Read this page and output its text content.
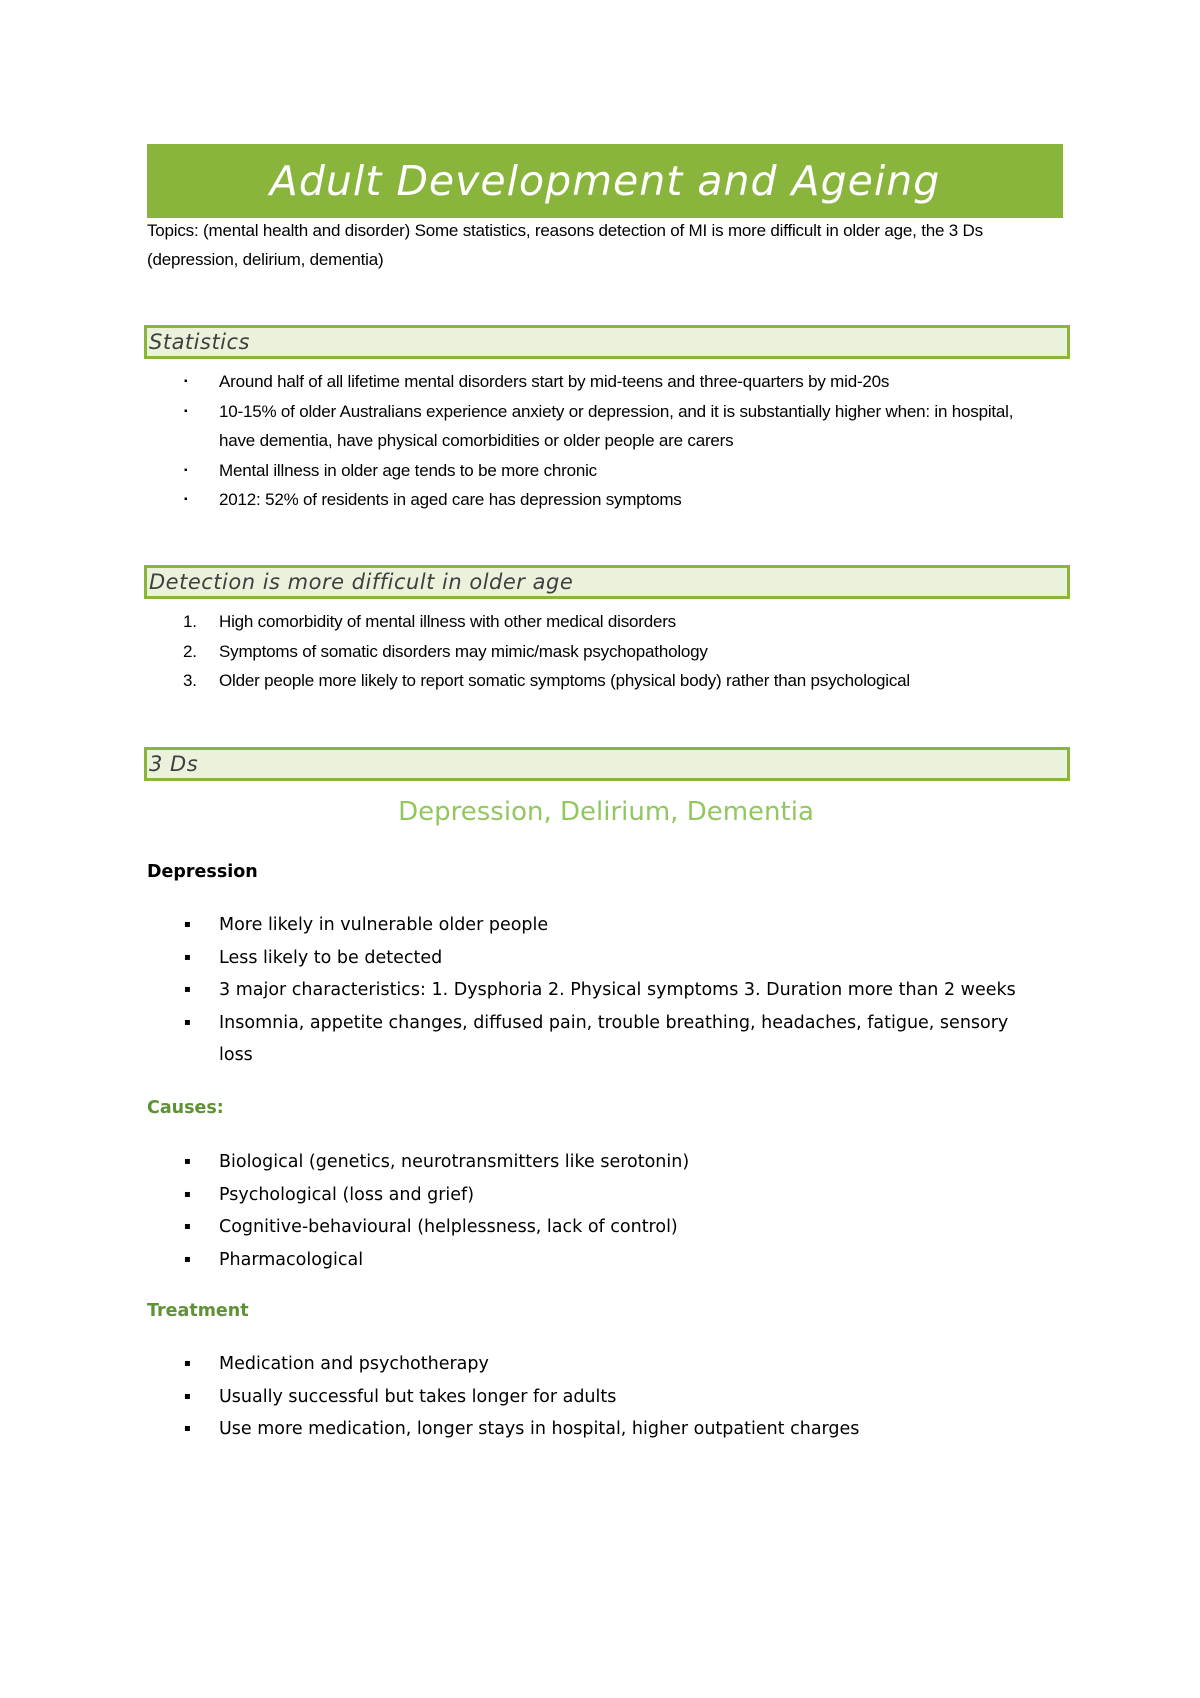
Adult Development and Ageing
Topics: (mental health and disorder) Some statistics, reasons detection of MI is more difficult in older age, the 3 Ds (depression, delirium, dementia)
Statistics
▪ Around half of all lifetime mental disorders start by mid-teens and three-quarters by mid-20s
▪ 10-15% of older Australians experience anxiety or depression, and it is substantially higher when: in hospital, have dementia, have physical comorbidities or older people are carers
▪ Mental illness in older age tends to be more chronic
▪ 2012: 52% of residents in aged care has depression symptoms
Detection is more difficult in older age
1. High comorbidity of mental illness with other medical disorders
2. Symptoms of somatic disorders may mimic/mask psychopathology
3. Older people more likely to report somatic symptoms (physical body) rather than psychological
3 Ds
Depression, Delirium, Dementia
Depression
▪ More likely in vulnerable older people
▪ Less likely to be detected
▪ 3 major characteristics: 1. Dysphoria 2. Physical symptoms 3. Duration more than 2 weeks
▪ Insomnia, appetite changes, diffused pain, trouble breathing, headaches, fatigue, sensory loss
Causes:
▪ Biological (genetics, neurotransmitters like serotonin)
▪ Psychological (loss and grief)
▪ Cognitive-behavioural (helplessness, lack of control)
▪ Pharmacological
Treatment
▪ Medication and psychotherapy
▪ Usually successful but takes longer for adults
▪ Use more medication, longer stays in hospital, higher outpatient charges
